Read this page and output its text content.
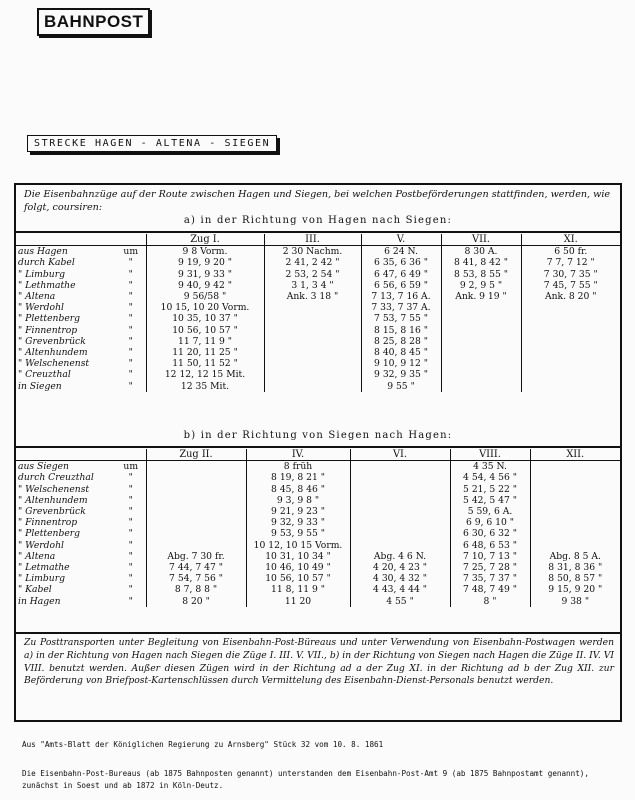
BAHNPOST
STRECKE HAGEN - ALTENA - SIEGEN
Die Eisenbahnzüge auf der Route zwischen Hagen und Siegen, bei welchen Postbeförderungen stattfinden, werden, wie folgt, coursiren:
a) in der Richtung von Hagen nach Siegen:
		Zug I.	III.	V.	VII.	XI.
aus Hagen	um	9 8 Vorm.	2 30 Nachm.	6 24 N.	8 30 A.	6 50 fr.
durch Kabel	"	9 19, 9 20 "	2 41, 2 42 "	6 35, 6 36 "	8 41, 8 42 "	7 7, 7 12 "
" Limburg	"	9 31, 9 33 "	2 53, 2 54 "	6 47, 6 49 "	8 53, 8 55 "	7 30, 7 35 "
" Lethmathe	"	9 40, 9 42 "	3 1, 3 4 "	6 56, 6 59 "	9 2, 9 5 "	7 45, 7 55 "
" Altena	"	9 56/58 "	Ank. 3 18 "	7 13, 7 16 A.	Ank. 9 19 "	Ank. 8 20 "
" Werdohl	"	10 15, 10 20 Vorm.		7 33, 7 37 A.		
" Plettenberg	"	10 35, 10 37 "		7 53, 7 55 "		
" Finnentrop	"	10 56, 10 57 "		8 15, 8 16 "		
" Grevenbrück	"	11 7, 11 9 "		8 25, 8 28 "		
" Altenhundem	"	11 20, 11 25 "		8 40, 8 45 "		
" Welschenenst	"	11 50, 11 52 "		9 10, 9 12 "		
" Creuzthal	"	12 12, 12 15 Mit.		9 32, 9 35 "		
in Siegen	"	12 35 Mit.		9 55 "		
b) in der Richtung von Siegen nach Hagen:
		Zug II.	IV.	VI.	VIII.	XII.
aus Siegen	um		8 früh		4 35 N.	
durch Creuzthal	"		8 19, 8 21 "		4 54, 4 56 "	
" Welschenenst	"		8 45, 8 46 "		5 21, 5 22 "	
" Altenhundem	"		9 3, 9 8 "		5 42, 5 47 "	
" Grevenbrück	"		9 21, 9 23 "		5 59, 6 A.	
" Finnentrop	"		9 32, 9 33 "		6 9, 6 10 "	
" Plettenberg	"		9 53, 9 55 "		6 30, 6 32 "	
" Werdohl	"		10 12, 10 15 Vorm.		6 48, 6 53 "	
" Altena	"	Abg. 7 30 fr.	10 31, 10 34 "	Abg. 4 6 N.	7 10, 7 13 "	Abg. 8 5 A.
" Letmathe	"	7 44, 7 47 "	10 46, 10 49 "	4 20, 4 23 "	7 25, 7 28 "	8 31, 8 36 "
" Limburg	"	7 54, 7 56 "	10 56, 10 57 "	4 30, 4 32 "	7 35, 7 37 "	8 50, 8 57 "
" Kabel	"	8 7, 8 8 "	11 8, 11 9 "	4 43, 4 44 "	7 48, 7 49 "	9 15, 9 20 "
in Hagen	"	8 20 "	11 20	4 55 "	8 "	9 38 "
Zu Posttransporten unter Begleitung von Eisenbahn-Post-Büreaus und unter Verwendung von Eisenbahn-Postwagen werden a) in der Richtung von Hagen nach Siegen die Züge I. III. V. VII., b) in der Richtung von Siegen nach Hagen die Züge II. IV. VI VIII. benutzt werden. Außer diesen Zügen wird in der Richtung ad a der Zug XI. in der Richtung ad b der Zug XII. zur Beförderung von Briefpost-Kartenschlüssen durch Vermittelung des Eisenbahn-Dienst-Personals benutzt werden.
Aus "Amts-Blatt der Königlichen Regierung zu Arnsberg" Stück 32 vom 10. 8. 1861
Die Eisenbahn-Post-Bureaus (ab 1875 Bahnposten genannt) unterstanden dem Eisenbahn-Post-Amt 9 (ab 1875 Bahnpostamt genannt), zunächst in Soest und ab 1872 in Köln-Deutz.
